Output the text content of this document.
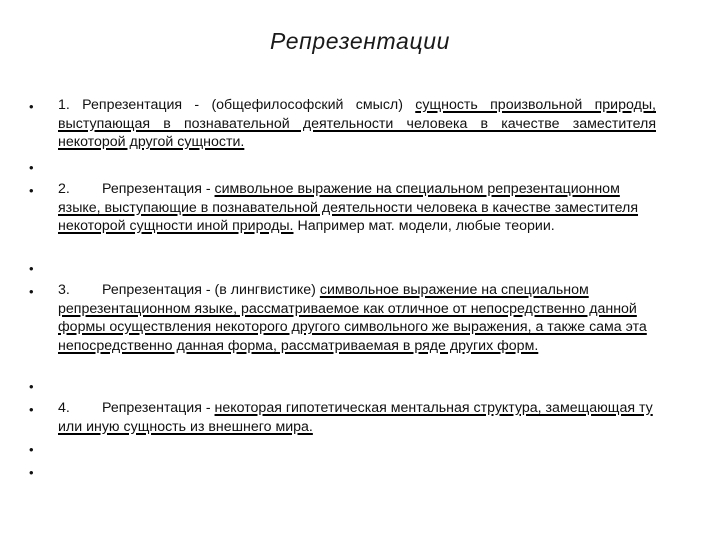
Репрезентации
•
•
•
•
•
•
•
•
•
1. Репрезентация - (общефилософский смысл) сущность произвольной природы, выступающая в познавательной деятельности человека в качестве заместителя некоторой другой сущности.
2. Репрезентация - символьное выражение на специальном репрезентационном языке, выступающие в познавательной деятельности человека в качестве заместителя некоторой сущности иной природы. Например мат. модели, любые теории.
3. Репрезентация - (в лингвистике) символьное выражение на специальном репрезентационном языке, рассматриваемое как отличное от непосредственно данной формы осуществления некоторого другого символьного же выражения, а также сама эта непосредственно данная форма, рассматриваемая в ряде других форм.
4. Репрезентация - некоторая гипотетическая ментальная структура, замещающая ту или иную сущность из внешнего мира.
